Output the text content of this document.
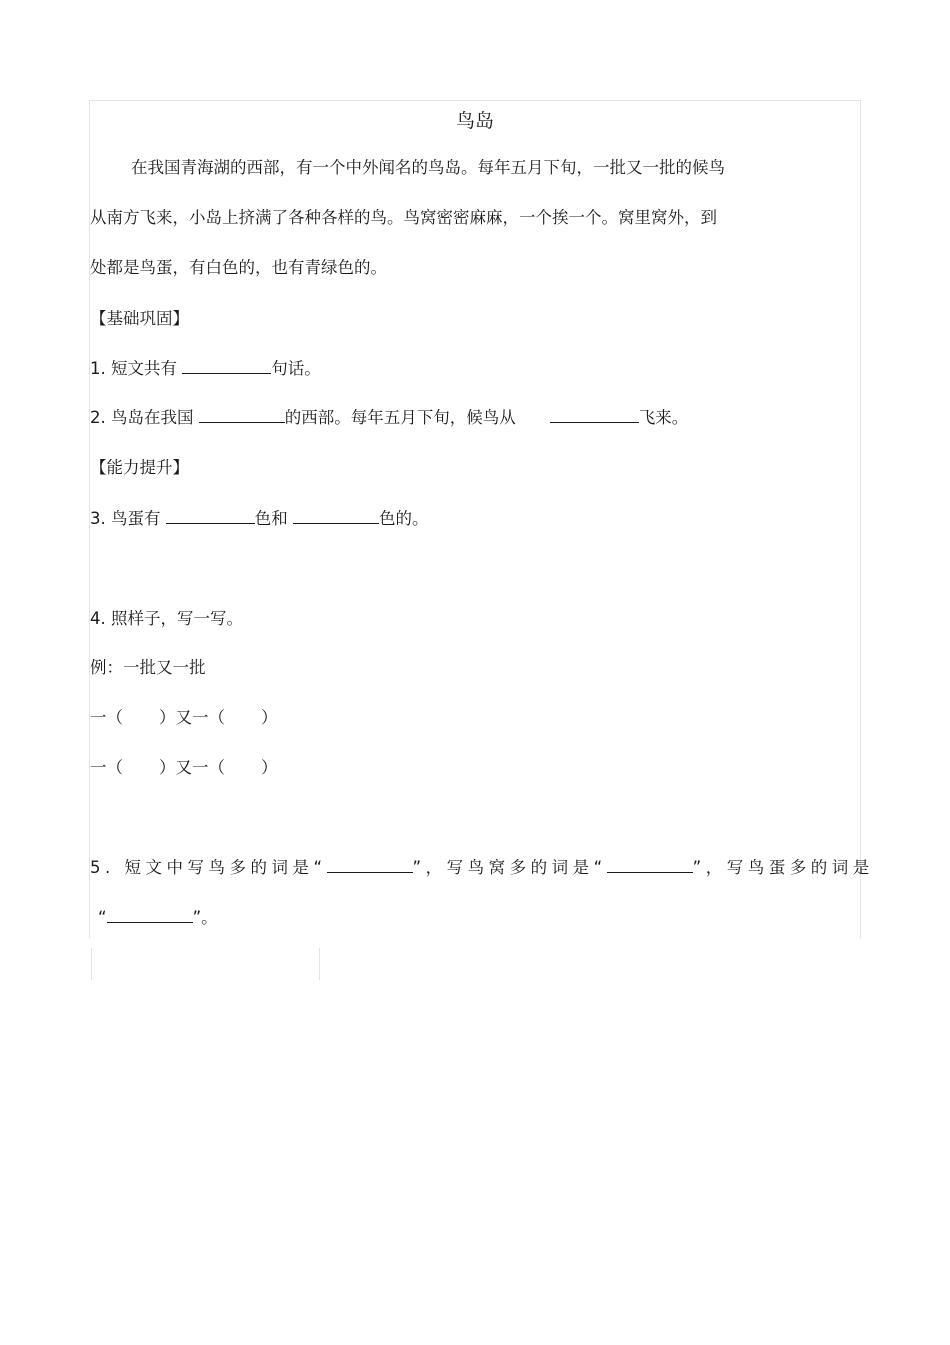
鸟岛
在我国青海湖的西部，有一个中外闻名的鸟岛。每年五月下旬，一批又一批的候鸟
从南方飞来，小岛上挤满了各种各样的鸟。鸟窝密密麻麻，一个挨一个。窝里窝外，到
处都是鸟蛋，有白色的，也有青绿色的。
【基础巩固】
1. 短文共有	句话。
2. 鸟岛在我国	的西部。每年五月下旬，候鸟从	飞来。
【能力提升】
3. 鸟蛋有	色和	色的。
4. 照样子，写一写。
例：一批又一批
一（ ）又一（ ）
一（ ）又一（ ）
5. 短文中写鸟多的词是“	”，写鸟窝多的词是“	”，写鸟蛋多的词是
“	”。
